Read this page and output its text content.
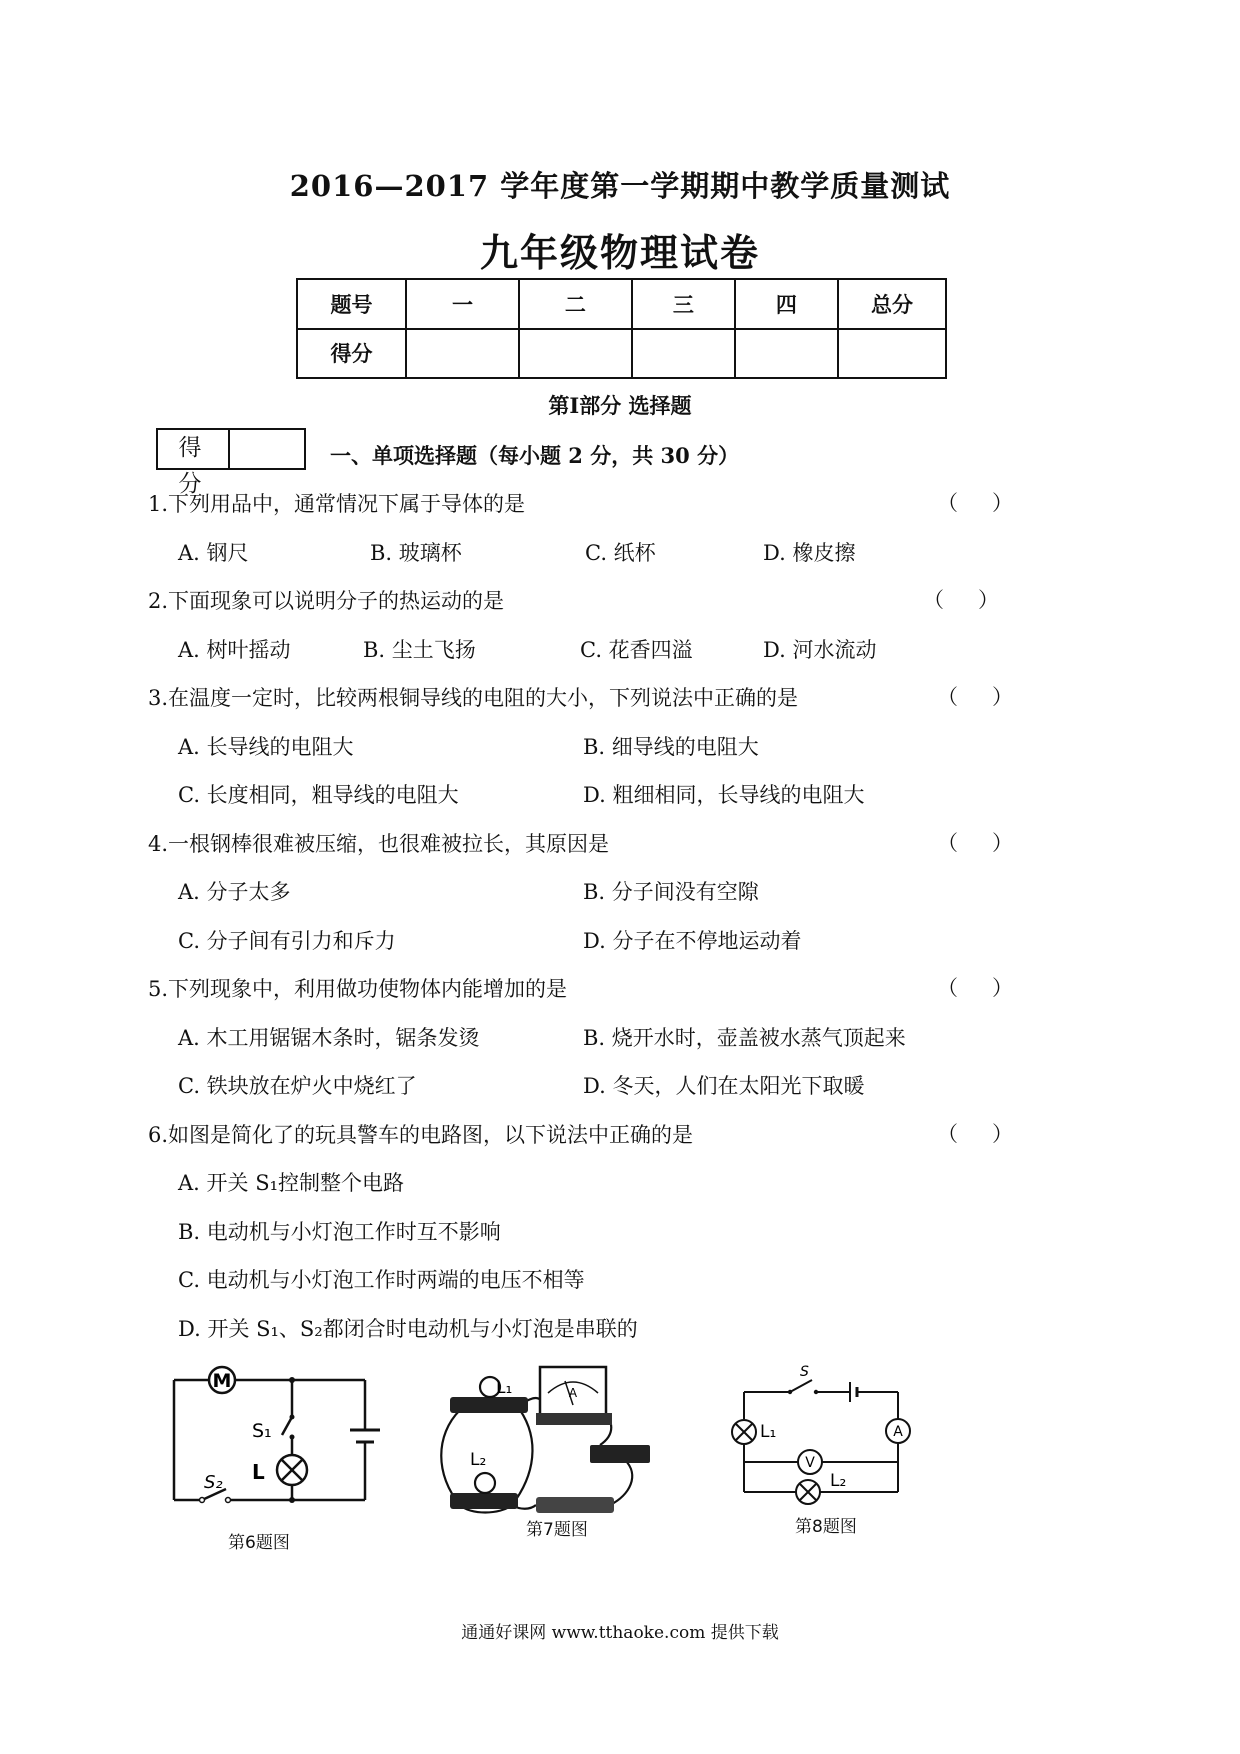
2016—2017 学年度第一学期期中教学质量测试
九年级物理试卷
题号	一	二	三	四	总分
得分					
第Ⅰ部分 选择题
得 分
一、单项选择题（每小题 2 分，共 30 分）
1.下列用品中，通常情况下属于导体的是	（）
A. 钢尺	B. 玻璃杯	C. 纸杯	D. 橡皮擦
2.下面现象可以说明分子的热运动的是	（）
A. 树叶摇动	B. 尘土飞扬	C. 花香四溢	D. 河水流动
3.在温度一定时，比较两根铜导线的电阻的大小，下列说法中正确的是	（）
A. 长导线的电阻大	B. 细导线的电阻大
C. 长度相同，粗导线的电阻大	D. 粗细相同，长导线的电阻大
4.一根钢棒很难被压缩，也很难被拉长，其原因是	（）
A. 分子太多	B. 分子间没有空隙
C. 分子间有引力和斥力	D. 分子在不停地运动着
5.下列现象中，利用做功使物体内能增加的是	（）
A. 木工用锯锯木条时，锯条发烫	B. 烧开水时，壶盖被水蒸气顶起来
C. 铁块放在炉火中烧红了	D. 冬天，人们在太阳光下取暖
6.如图是简化了的玩具警车的电路图，以下说法中正确的是	（）
A. 开关 S₁控制整个电路
B. 电动机与小灯泡工作时互不影响
C. 电动机与小灯泡工作时两端的电压不相等
D. 开关 S₁、S₂都闭合时电动机与小灯泡是串联的
M
S₁
L
S₂
第6题图
L₁
L₂
A
第7题图
S
L₁
L₂
V
A
第8题图
通通好课网 www.tthaoke.com 提供下载
